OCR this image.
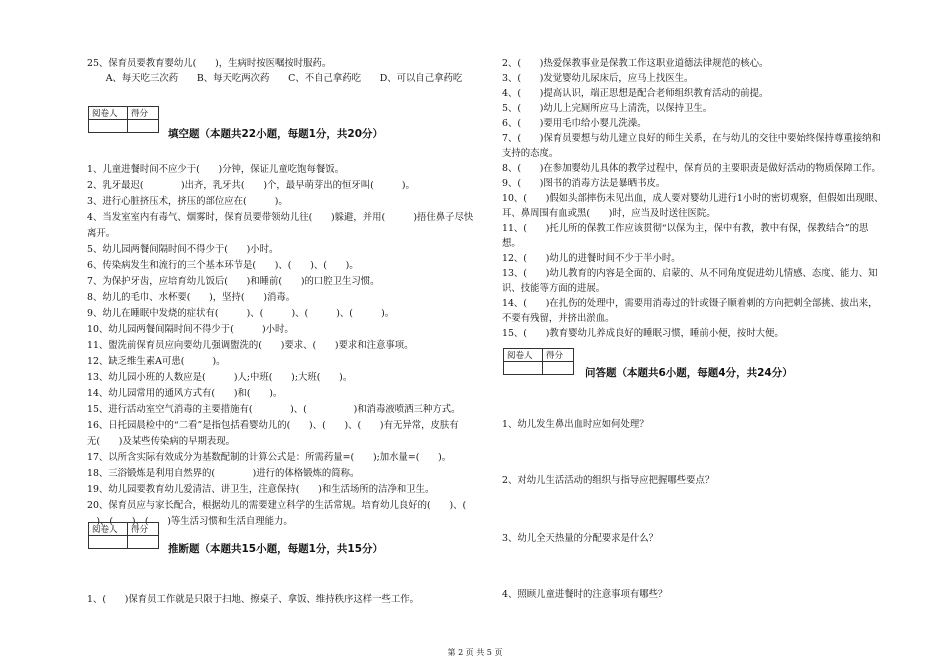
25、保育员要教育婴幼儿(　　)，生病时按医嘱按时服药。
　　A、每天吃三次药　　B、每天吃两次药　　C、不自己拿药吃　　D、可以自己拿药吃
阅卷人	得分

填空题（本题共22小题，每题1分，共20分）
1、儿童进餐时间不应少于(　　)分钟，保证儿童吃饱每餐饭。
2、乳牙最迟(　　　　)出齐，乳牙共(　　)个，最早萌芽出的恒牙叫(　　　)。
3、进行心脏挤压术，挤压的部位应在(　　　)。
4、当发室室内有毒气、烟雾时，保育员要带领幼儿往(　　)躲避，并用(　　　)捂住鼻子尽快
离开。
5、幼儿园两餐间隔时间不得少于(　　)小时。
6、传染病发生和流行的三个基本环节是(　　)、(　　)、(　　)。
7、为保护牙齿，应培育幼儿饭后(　　)和睡前(　　)的口腔卫生习惯。
8、幼儿的毛巾、水杯要(　　)，坚持(　　)消毒。
9、幼儿在睡眠中发烧的症状有(　　　)、(　　　)、(　　　)、(　　　)。
10、幼儿园两餐间隔时间不得少于(　　　)小时。
11、盥洗前保育员应向要幼儿强调盥洗的(　　)要求、(　　)要求和注意事项。
12、缺乏维生素A可患(　　　)。
13、幼儿园小班的人数应是(　　　)人;中班(　　);大班(　　)。
14、幼儿园常用的通风方式有(　　)和(　　)。
15、进行活动室空气消毒的主要措施有(　　　　)、(　　　　　)和消毒液喷洒三种方式。
16、日托园晨检中的“二看”是指包括看婴幼儿的(　　)、(　　)、(　　)有无异常，皮肤有
无(　　)及某些传染病的早期表现。
17、以所含实际有效成分为基数配制的计算公式是：所需药量=(　　);加水量=(　　)。
18、三浴锻炼是利用自然界的(　　　　)进行的体格锻炼的简称。
19、幼儿园要教育幼儿爱清洁、讲卫生，注意保持(　　)和生活场所的洁净和卫生。
20、保育员应与家长配合，根据幼儿的需要建立科学的生活常规。培育幼儿良好的(　　)、(　
　)、(　　)、(　　)等生活习惯和生活自理能力。
阅卷人	得分

推断题（本题共15小题，每题1分，共15分）
1、(　　)保育员工作就是只限于扫地、擦桌子、拿饭、维持秩序这样一些工作。
2、(　　)热爱保教事业是保教工作这职业道德法律规范的核心。
3、(　　)发觉婴幼儿尿床后，应马上找医生。
4、(　　)提高认识，端正思想是配合老师组织教育活动的前提。
5、(　　)幼儿上完厕所应马上清洗，以保持卫生。
6、(　　)要用毛巾给小婴儿洗澡。
7、(　　)保育员要想与幼儿建立良好的师生关系，在与幼儿的交往中要始终保持尊重接纳和
支持的态度。
8、(　　)在参加婴幼儿具体的教学过程中，保育员的主要职责是做好活动的物质保障工作。
9、(　　)图书的消毒方法是暴晒书皮。
10、(　　)假如头部摔伤未见出血，成人要对婴幼儿进行1小时的密切观察，但假如出现眼、
耳、鼻周围有血或黑(　　)时，应当及时送往医院。
11、(　　)托儿所的保教工作应该贯彻“以保为主，保中有教，教中有保，保教结合”的思
想。
12、(　　)幼儿的进餐时间不少于半小时。
13、(　　)幼儿教育的内容是全面的、启蒙的、从不同角度促进幼儿情感、态度、能力、知
识、技能等方面的进展。
14、(　　)在扎伤的处理中，需要用消毒过的针或镊子顺着刺的方向把刺全部挑、拔出来，
不要有残留，并挤出淤血。
15、(　　)教育婴幼儿养成良好的睡眠习惯，睡前小便，按时大便。
阅卷人	得分

问答题（本题共6小题，每题4分，共24分）
1、幼儿发生鼻出血时应如何处理？
2、对幼儿生活活动的组织与指导应把握哪些要点？
3、幼儿全天热量的分配要求是什么？
4、照顾儿童进餐时的注意事项有哪些？
第 2 页 共 5 页
